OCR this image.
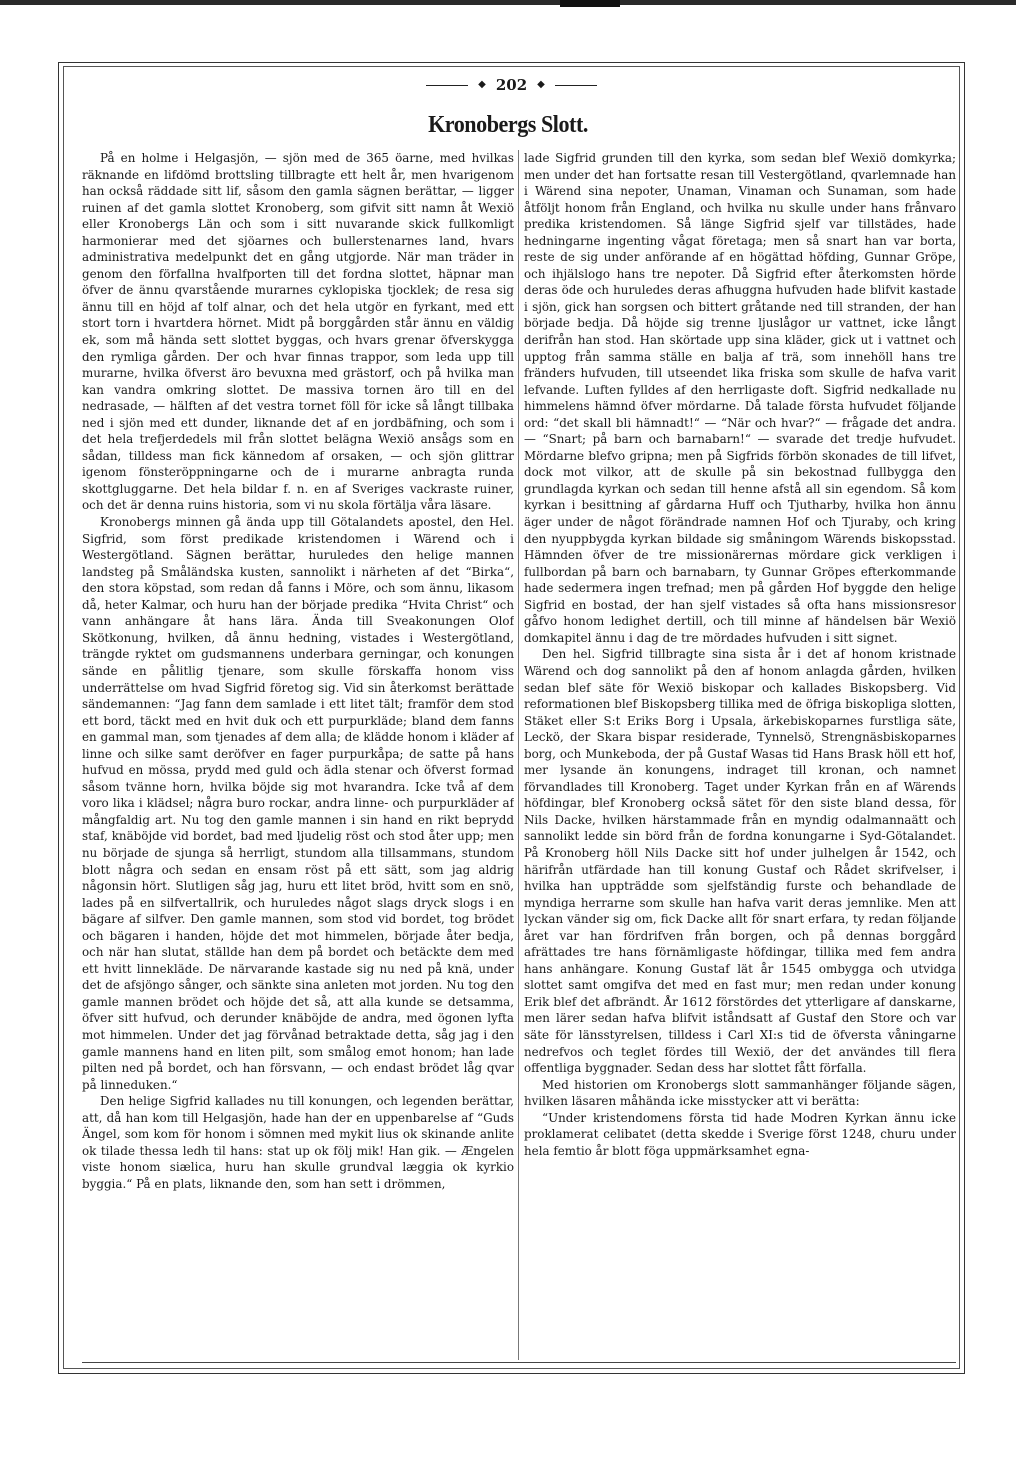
◆ 202 ◆
Kronobergs Slott.

På en holme i Helgasjön, — sjön med de 365 öarne, med hvilkas räknande en lifdömd brottsling tillbragte ett helt år, men hvarigenom han också räddade sitt lif, såsom den gamla sägnen berättar, — ligger ruinen af det gamla slottet Kronoberg, som gifvit sitt namn åt Wexiö eller Kronobergs Län och som i sitt nuvarande skick fullkomligt harmonierar med det sjöarnes och bullerstenarnes land, hvars administrativa medelpunkt det en gång utgjorde. När man träder in genom den förfallna hvalfporten till det fordna slottet, häpnar man öfver de ännu qvarstående murarnes cyklopiska tjocklek; de resa sig ännu till en höjd af tolf alnar, och det hela utgör en fyrkant, med ett stort torn i hvartdera hörnet. Midt på borggården står ännu en väldig ek, som må hända sett slottet byggas, och hvars grenar öfverskygga den rymliga gården. Der och hvar finnas trappor, som leda upp till murarne, hvilka öfverst äro bevuxna med grästorf, och på hvilka man kan vandra omkring slottet. De massiva tornen äro till en del nedrasade, — hälften af det vestra tornet föll för icke så långt tillbaka ned i sjön med ett dunder, liknande det af en jordbäfning, och som i det hela trefjerdedels mil från slottet belägna Wexiö ansågs som en sådan, tilldess man fick kännedom af orsaken, — och sjön glittrar igenom fönsteröppningarne och de i murarne anbragta runda skottgluggarne. Det hela bildar f. n. en af Sveriges vackraste ruiner, och det är denna ruins historia, som vi nu skola förtälja våra läsare.

Kronobergs minnen gå ända upp till Götalandets apostel, den Hel. Sigfrid, som först predikade kristendomen i Wärend och i Westergötland. Sägnen berättar, huruledes den helige mannen landsteg på Småländska kusten, sannolikt i närheten af det “Birka“, den stora köpstad, som redan då fanns i Möre, och som ännu, likasom då, heter Kalmar, och huru han der började predika “Hvita Christ“ och vann anhängare åt hans lära. Ända till Sveakonungen Olof Skötkonung, hvilken, då ännu hedning, vistades i Westergötland, trängde ryktet om gudsmannens underbara gerningar, och konungen sände en pålitlig tjenare, som skulle förskaffa honom viss underrättelse om hvad Sigfrid företog sig. Vid sin återkomst berättade sändemannen: “Jag fann dem samlade i ett litet tält; framför dem stod ett bord, täckt med en hvit duk och ett purpurkläde; bland dem fanns en gammal man, som tjenades af dem alla; de klädde honom i kläder af linne och silke samt deröfver en fager purpurkåpa; de satte på hans hufvud en mössa, prydd med guld och ädla stenar och öfverst formad såsom tvänne horn, hvilka böjde sig mot hvarandra. Icke två af dem voro lika i klädsel; några buro rockar, andra linne- och purpurkläder af mångfaldig art. Nu tog den gamle mannen i sin hand en rikt beprydd staf, knäböjde vid bordet, bad med ljudelig röst och stod åter upp; men nu började de sjunga så herrligt, stundom alla tillsammans, stundom blott några och sedan en ensam röst på ett sätt, som jag aldrig någonsin hört. Slutligen såg jag, huru ett litet bröd, hvitt som en snö, lades på en silfvertallrik, och huruledes något slags dryck slogs i en bägare af silfver. Den gamle mannen, som stod vid bordet, tog brödet och bägaren i handen, höjde det mot himmelen, började åter bedja, och när han slutat, ställde han dem på bordet och betäckte dem med ett hvitt linnekläde. De närvarande kastade sig nu ned på knä, under det de afsjöngo sånger, och sänkte sina anleten mot jorden. Nu tog den gamle mannen brödet och höjde det så, att alla kunde se detsamma, öfver sitt hufvud, och derunder knäböjde de andra, med ögonen lyfta mot himmelen. Under det jag förvånad betraktade detta, såg jag i den gamle mannens hand en liten pilt, som smålog emot honom; han lade pilten ned på bordet, och han försvann, — och endast brödet låg qvar på linneduken.“

Den helige Sigfrid kallades nu till konungen, och legenden berättar, att, då han kom till Helgasjön, hade han der en uppenbarelse af “Guds Ängel, som kom för honom i sömnen med mykit lius ok skinande anlite ok tilade thessa ledh til hans: stat up ok följ mik! Han gik. — Ængelen viste honom siælica, huru han skulle grundval læggia ok kyrkio byggia.“ På en plats, liknande den, som han sett i drömmen,

lade Sigfrid grunden till den kyrka, som sedan blef Wexiö domkyrka; men under det han fortsatte resan till Vestergötland, qvarlemnade han i Wärend sina nepoter, Unaman, Vinaman och Sunaman, som hade åtföljt honom från England, och hvilka nu skulle under hans frånvaro predika kristendomen. Så länge Sigfrid sjelf var tillstädes, hade hedningarne ingenting vågat företaga; men så snart han var borta, reste de sig under anförande af en högättad höfding, Gunnar Gröpe, och ihjälslogo hans tre nepoter. Då Sigfrid efter återkomsten hörde deras öde och huruledes deras afhuggna hufvuden hade blifvit kastade i sjön, gick han sorgsen och bittert gråtande ned till stranden, der han började bedja. Då höjde sig trenne ljuslågor ur vattnet, icke långt derifrån han stod. Han skörtade upp sina kläder, gick ut i vattnet och upptog från samma ställe en balja af trä, som innehöll hans tre fränders hufvuden, till utseendet lika friska som skulle de hafva varit lefvande. Luften fylldes af den herrligaste doft. Sigfrid nedkallade nu himmelens hämnd öfver mördarne. Då talade första hufvudet följande ord: “det skall bli hämnadt!“ — “När och hvar?“ — frågade det andra. — “Snart; på barn och barnabarn!“ — svarade det tredje hufvudet. Mördarne blefvo gripna; men på Sigfrids förbön skonades de till lifvet, dock mot vilkor, att de skulle på sin bekostnad fullbygga den grundlagda kyrkan och sedan till henne afstå all sin egendom. Så kom kyrkan i besittning af gårdarna Huff och Tjutharby, hvilka hon ännu äger under de något förändrade namnen Hof och Tjuraby, och kring den nyuppbygda kyrkan bildade sig småningom Wärends biskopsstad. Hämnden öfver de tre missionärernas mördare gick verkligen i fullbordan på barn och barnabarn, ty Gunnar Gröpes efterkommande hade sedermera ingen trefnad; men på gården Hof byggde den helige Sigfrid en bostad, der han sjelf vistades så ofta hans missionsresor gåfvo honom ledighet dertill, och till minne af händelsen bär Wexiö domkapitel ännu i dag de tre mördades hufvuden i sitt signet.

Den hel. Sigfrid tillbragte sina sista år i det af honom kristnade Wärend och dog sannolikt på den af honom anlagda gården, hvilken sedan blef säte för Wexiö biskopar och kallades Biskopsberg. Vid reformationen blef Biskopsberg tillika med de öfriga biskopliga slotten, Stäket eller S:t Eriks Borg i Upsala, ärkebiskoparnes furstliga säte, Leckö, der Skara bispar residerade, Tynnelsö, Strengnäsbiskoparnes borg, och Munkeboda, der på Gustaf Wasas tid Hans Brask höll ett hof, mer lysande än konungens, indraget till kronan, och namnet förvandlades till Kronoberg. Taget under Kyrkan från en af Wärends höfdingar, blef Kronoberg också sätet för den siste bland dessa, för Nils Dacke, hvilken härstammade från en myndig odalmannaätt och sannolikt ledde sin börd från de fordna konungarne i Syd-Götalandet. På Kronoberg höll Nils Dacke sitt hof under julhelgen år 1542, och härifrån utfärdade han till konung Gustaf och Rådet skrifvelser, i hvilka han uppträdde som sjelfständig furste och behandlade de myndiga herrarne som skulle han hafva varit deras jemnlike. Men att lyckan vänder sig om, fick Dacke allt för snart erfara, ty redan följande året var han fördrifven från borgen, och på dennas borggård afrättades tre hans förnämligaste höfdingar, tillika med fem andra hans anhängare. Konung Gustaf lät år 1545 ombygga och utvidga slottet samt omgifva det med en fast mur; men redan under konung Erik blef det afbrändt. År 1612 förstördes det ytterligare af danskarne, men lärer sedan hafva blifvit iståndsatt af Gustaf den Store och var säte för länsstyrelsen, tilldess i Carl XI:s tid de öfversta våningarne nedrefvos och teglet fördes till Wexiö, der det användes till flera offentliga byggnader. Sedan dess har slottet fått förfalla.

Med historien om Kronobergs slott sammanhänger följande sägen, hvilken läsaren måhända icke misstycker att vi berätta:

“Under kristendomens första tid hade Modren Kyrkan ännu icke proklamerat celibatet (detta skedde i Sverige först 1248, churu under hela femtio år blott föga uppmärksamhet egna-
